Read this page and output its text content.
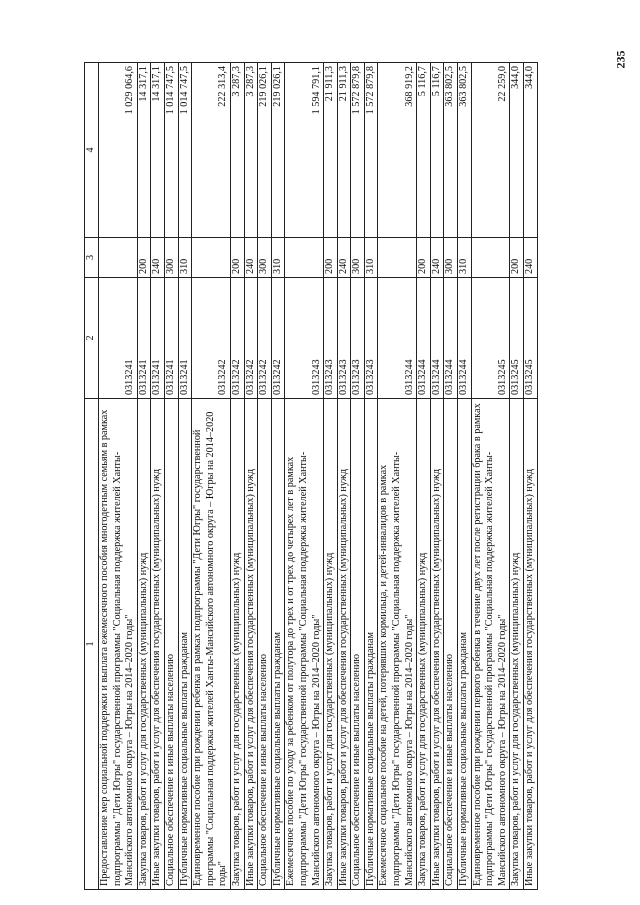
235
1	2	3	4
Предоставление мер социальной поддержки и выплата ежемесячного пособия многодетным семьям в рамках подпрограммы "Дети Югры" государственной программы "Социальная поддержка жителей Ханты-Мансийского автономного округа – Югры на 2014–2020 годы"	0313241		1 029 064,6
Закупка товаров, работ и услуг для государственных (муниципальных) нужд	0313241	200	14 317,1
Иные закупки товаров, работ и услуг для обеспечения государственных (муниципальных) нужд	0313241	240	14 317,1
Социальное обеспечение и иные выплаты населению	0313241	300	1 014 747,5
Публичные нормативные социальные выплаты гражданам	0313241	310	1 014 747,5
Единовременное пособие при рождении ребенка в рамках подпрограммы "Дети Югры" государственной программы "Социальная поддержка жителей Ханты-Мансийского автономного округа – Югры на 2014–2020 годы"	0313242		222 313,4
Закупка товаров, работ и услуг для государственных (муниципальных) нужд	0313242	200	3 287,3
Иные закупки товаров, работ и услуг для обеспечения государственных (муниципальных) нужд	0313242	240	3 287,3
Социальное обеспечение и иные выплаты населению	0313242	300	219 026,1
Публичные нормативные социальные выплаты гражданам	0313242	310	219 026,1
Ежемесячное пособие по уходу за ребенком от полутора до трех и от трех до четырех лет в рамках подпрограммы "Дети Югры" государственной программы "Социальная поддержка жителей Ханты-Мансийского автономного округа – Югры на 2014–2020 годы"	0313243		1 594 791,1
Закупка товаров, работ и услуг для государственных (муниципальных) нужд	0313243	200	21 911,3
Иные закупки товаров, работ и услуг для обеспечения государственных (муниципальных) нужд	0313243	240	21 911,3
Социальное обеспечение и иные выплаты населению	0313243	300	1 572 879,8
Публичные нормативные социальные выплаты гражданам	0313243	310	1 572 879,8
Ежемесячное социальное пособие на детей, потерявших кормильца, и детей-инвалидов в рамках подпрограммы "Дети Югры" государственной программы "Социальная поддержка жителей Ханты-Мансийского автономного округа – Югры на 2014–2020 годы"	0313244		368 919,2
Закупка товаров, работ и услуг для государственных (муниципальных) нужд	0313244	200	5 116,7
Иные закупки товаров, работ и услуг для обеспечения государственных (муниципальных) нужд	0313244	240	5 116,7
Социальное обеспечение и иные выплаты населению	0313244	300	363 802,5
Публичные нормативные социальные выплаты гражданам	0313244	310	363 802,5
Единовременное пособие при рождении первого ребенка в течение двух лет после регистрации брака в рамках подпрограммы "Дети Югры" государственной программы "Социальная поддержка жителей Ханты-Мансийского автономного округа – Югры на 2014–2020 годы"	0313245		22 259,0
Закупка товаров, работ и услуг для государственных (муниципальных) нужд	0313245	200	344,0
Иные закупки товаров, работ и услуг для обеспечения государственных (муниципальных) нужд	0313245	240	344,0
